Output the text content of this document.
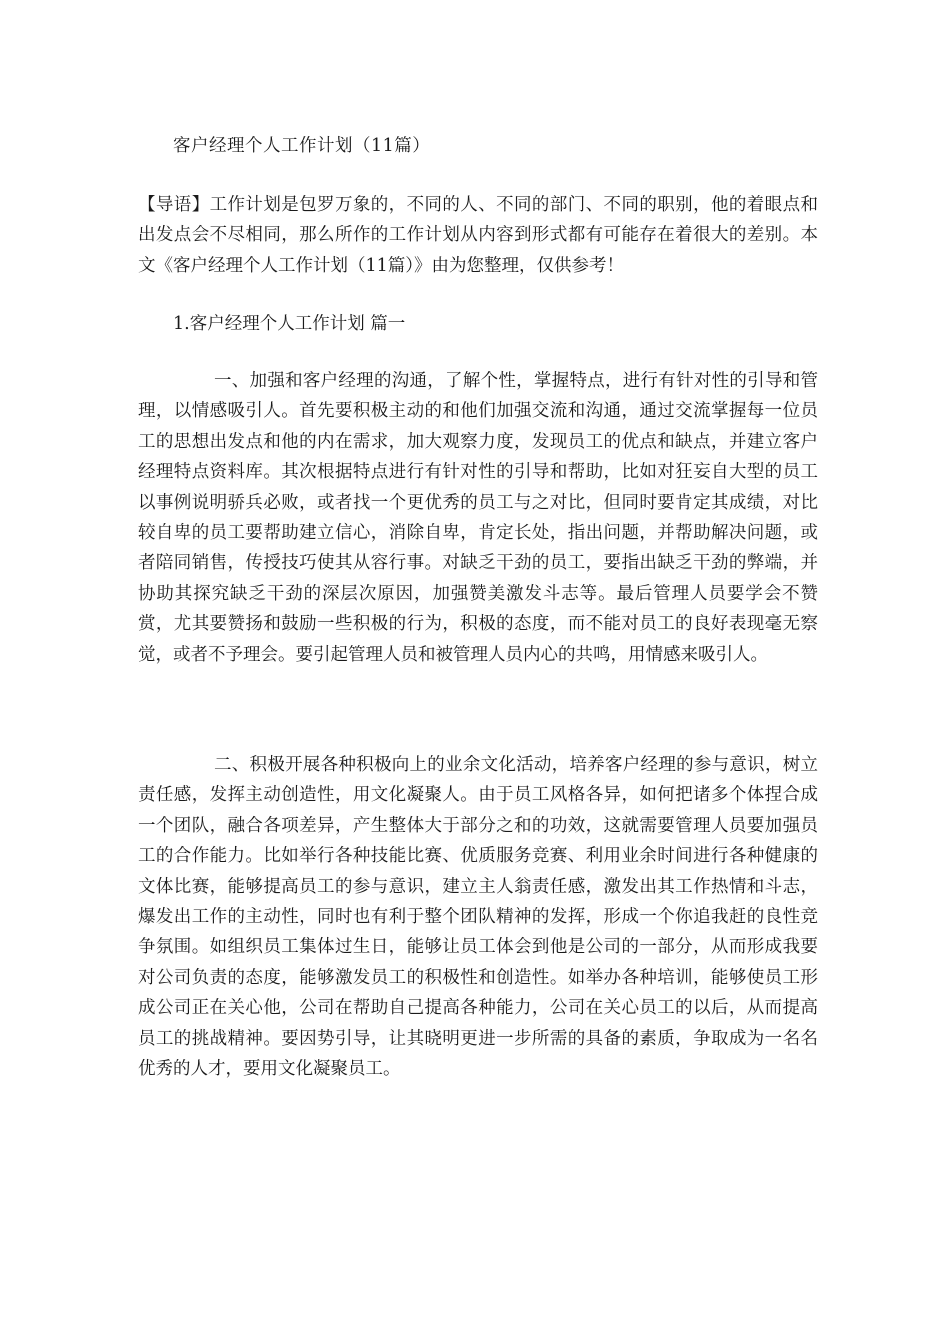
客户经理个人工作计划（11篇）

【导语】工作计划是包罗万象的，不同的人、不同的部门、不同的职别，他的着眼点和出发点会不尽相同，那么所作的工作计划从内容到形式都有可能存在着很大的差别。本文《客户经理个人工作计划（11篇）》由为您整理，仅供参考！

1.客户经理个人工作计划 篇一

一、加强和客户经理的沟通，了解个性，掌握特点，进行有针对性的引导和管理，以情感吸引人。首先要积极主动的和他们加强交流和沟通，通过交流掌握每一位员工的思想出发点和他的内在需求，加大观察力度，发现员工的优点和缺点，并建立客户经理特点资料库。其次根据特点进行有针对性的引导和帮助，比如对狂妄自大型的员工以事例说明骄兵必败，或者找一个更优秀的员工与之对比，但同时要肯定其成绩，对比较自卑的员工要帮助建立信心，消除自卑，肯定长处，指出问题，并帮助解决问题，或者陪同销售，传授技巧使其从容行事。对缺乏干劲的员工，要指出缺乏干劲的弊端，并协助其探究缺乏干劲的深层次原因，加强赞美激发斗志等。最后管理人员要学会不赞赏，尤其要赞扬和鼓励一些积极的行为，积极的态度，而不能对员工的良好表现毫无察觉，或者不予理会。要引起管理人员和被管理人员内心的共鸣，用情感来吸引人。

二、积极开展各种积极向上的业余文化活动，培养客户经理的参与意识，树立责任感，发挥主动创造性，用文化凝聚人。由于员工风格各异，如何把诸多个体捏合成一个团队，融合各项差异，产生整体大于部分之和的功效，这就需要管理人员要加强员工的合作能力。比如举行各种技能比赛、优质服务竞赛、利用业余时间进行各种健康的文体比赛，能够提高员工的参与意识，建立主人翁责任感，激发出其工作热情和斗志，爆发出工作的主动性，同时也有利于整个团队精神的发挥，形成一个你追我赶的良性竞争氛围。如组织员工集体过生日，能够让员工体会到他是公司的一部分，从而形成我要对公司负责的态度，能够激发员工的积极性和创造性。如举办各种培训，能够使员工形成公司正在关心他，公司在帮助自己提高各种能力，公司在关心员工的以后，从而提高员工的挑战精神。要因势引导，让其晓明更进一步所需的具备的素质，争取成为一名名优秀的人才，要用文化凝聚员工。
